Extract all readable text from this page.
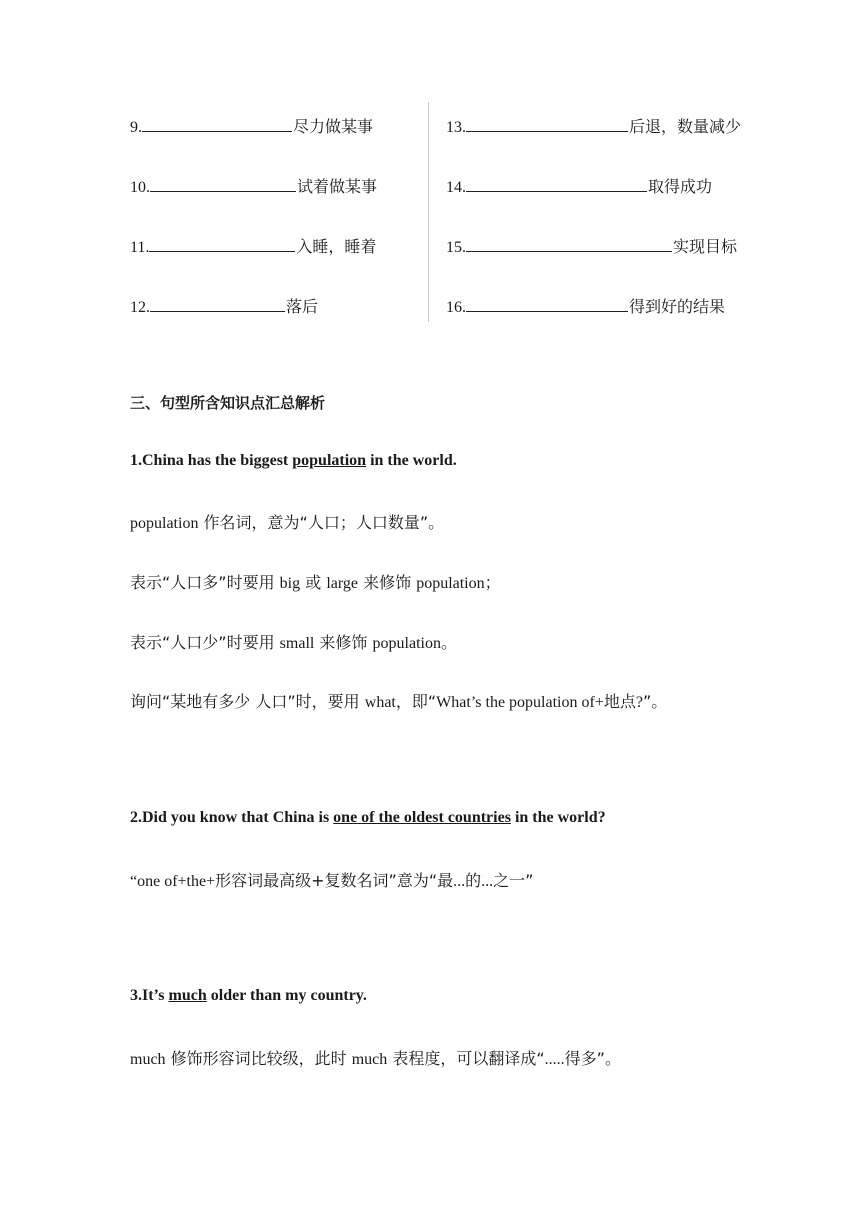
9.	尽力做某事
10.	试着做某事
11.	入睡，睡着
12.	落后
13.	后退，数量减少
14.	取得成功
15.	实现目标
16.	得到好的结果
三、句型所含知识点汇总解析
1.China has the biggest population in the world.
population 作名词，意为“人口；人口数量”。
表示“人口多”时要用 big 或 large 来修饰 population；
表示“人口少”时要用 small 来修饰 population。
询问“某地有多少 人口”时，要用 what，即“What’s the population of+地点?”。
2.Did you know that China is one of the oldest countries in the world?
“one of+the+形容词最高级+复数名词”意为“最...的...之一”
3.It’s much older than my country.
much 修饰形容词比较级，此时 much 表程度，可以翻译成“.....得多”。
